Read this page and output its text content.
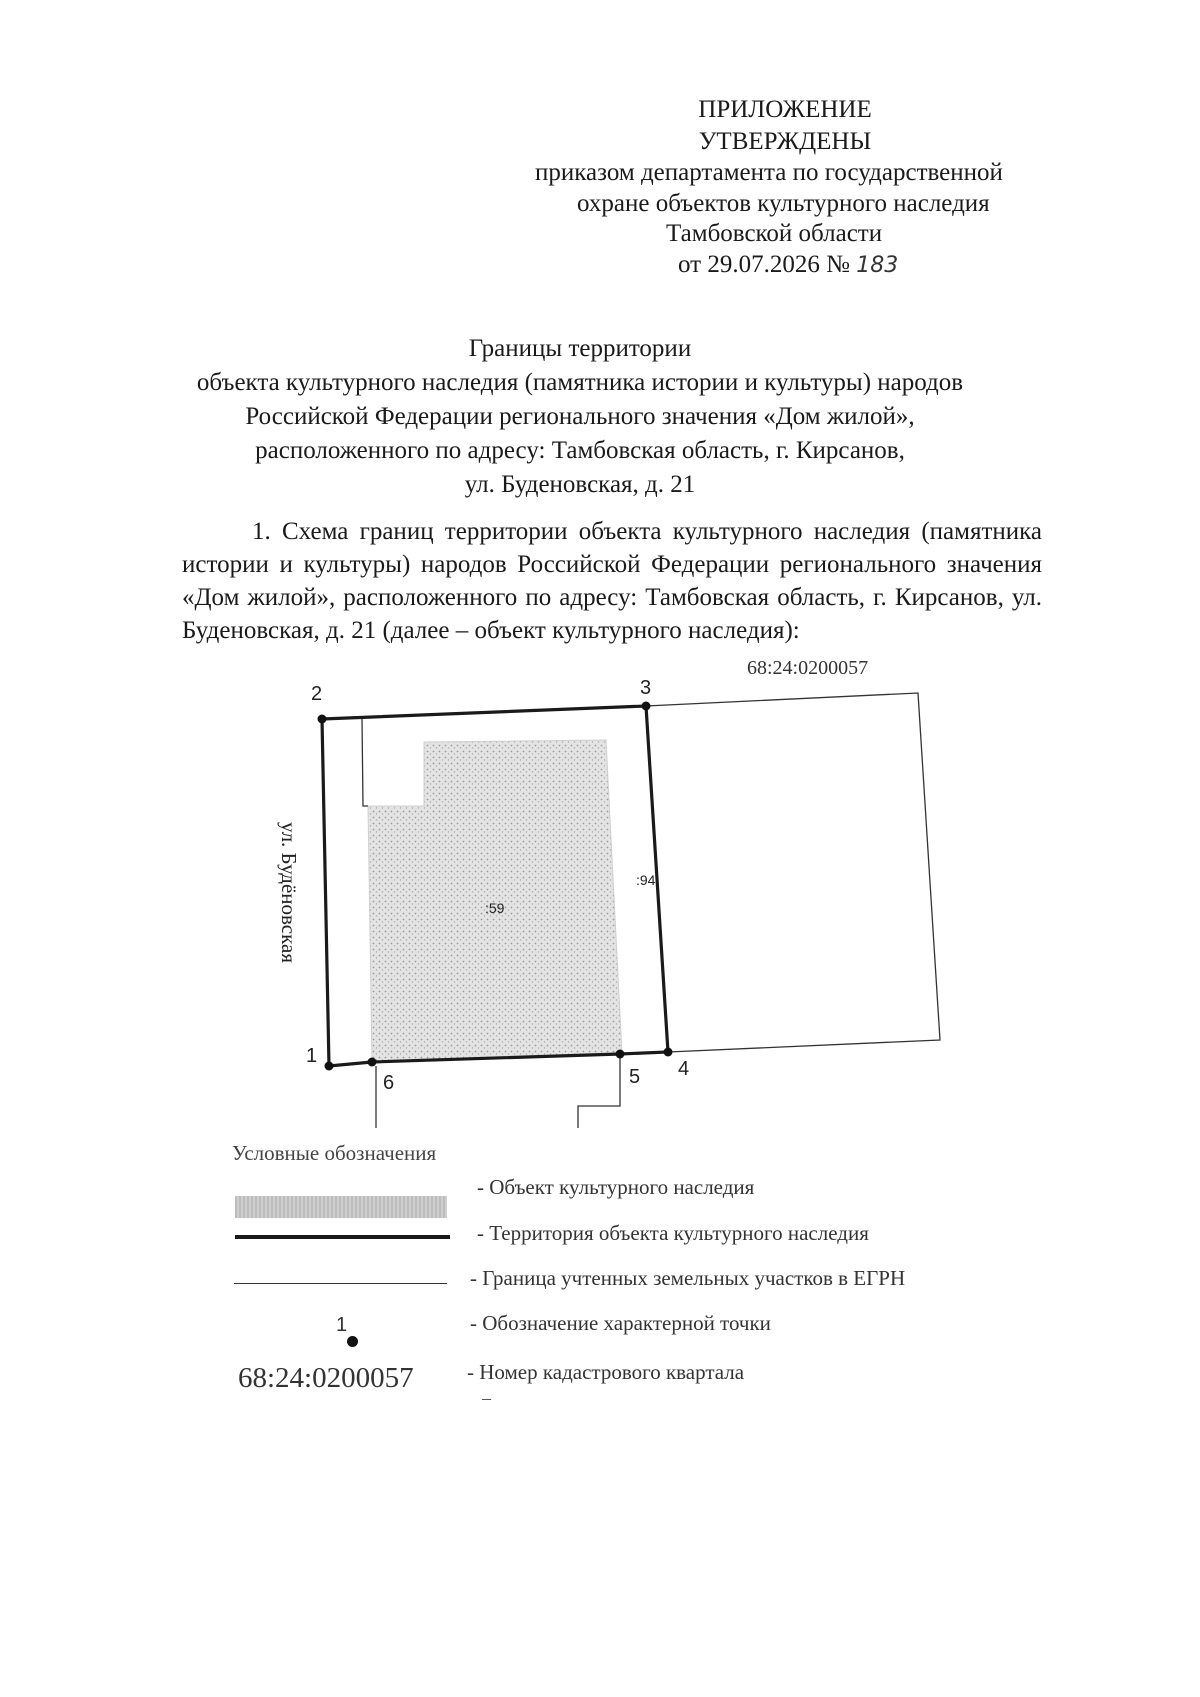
ПРИЛОЖЕНИЕ
УТВЕРЖДЕНЫ
приказом департамента по государственной
охране объектов культурного наследия
Тамбовской области
от 29.07.2026 № 183
Границы территории
объекта культурного наследия (памятника истории и культуры) народов
Российской Федерации регионального значения «Дом жилой»,
расположенного по адресу: Тамбовская область, г. Кирсанов,
ул. Буденовская, д. 21
1. Схема границ территории объекта культурного наследия (памятника истории и культуры) народов Российской Федерации регионального значения «Дом жилой», расположенного по адресу: Тамбовская область, г. Кирсанов, ул. Буденовская, д. 21 (далее – объект культурного наследия):
1
2	3
4
5
6
68:24:0200057
:59
:94
ул. Будёновская
Условные обозначения
- Объект культурного наследия
- Территория объекта культурного наследия
- Граница учтенных земельных участков в ЕГРН
1	- Обозначение характерной точки
68:24:0200057	- Номер кадастрового квартала
–
